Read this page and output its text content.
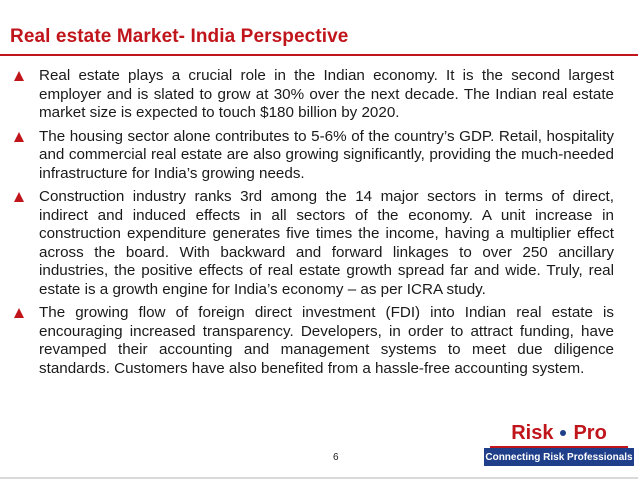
Real estate Market- India Perspective
Real estate plays a crucial role in the Indian economy. It is the second largest employer and is slated to grow at 30% over the next decade. The Indian real estate market size is expected to touch $180 billion by 2020.
The housing sector alone contributes to 5-6% of the country’s GDP. Retail, hospitality and commercial real estate are also growing significantly, providing the much-needed infrastructure for India’s growing needs.
Construction industry ranks 3rd among the 14 major sectors in terms of direct, indirect and induced effects in all sectors of the economy. A unit increase in construction expenditure generates five times the income, having a multiplier effect across the board. With backward and forward linkages to over 250 ancillary industries, the positive effects of real estate growth spread far and wide. Truly, real estate is a growth engine for India’s economy – as per ICRA study.
The growing flow of foreign direct investment (FDI) into Indian real estate is encouraging increased transparency. Developers, in order to attract funding, have revamped their accounting and management systems to meet due diligence standards. Customers have also benefited from a hassle-free accounting system.
6
Risk Pro
Connecting Risk Professionals
